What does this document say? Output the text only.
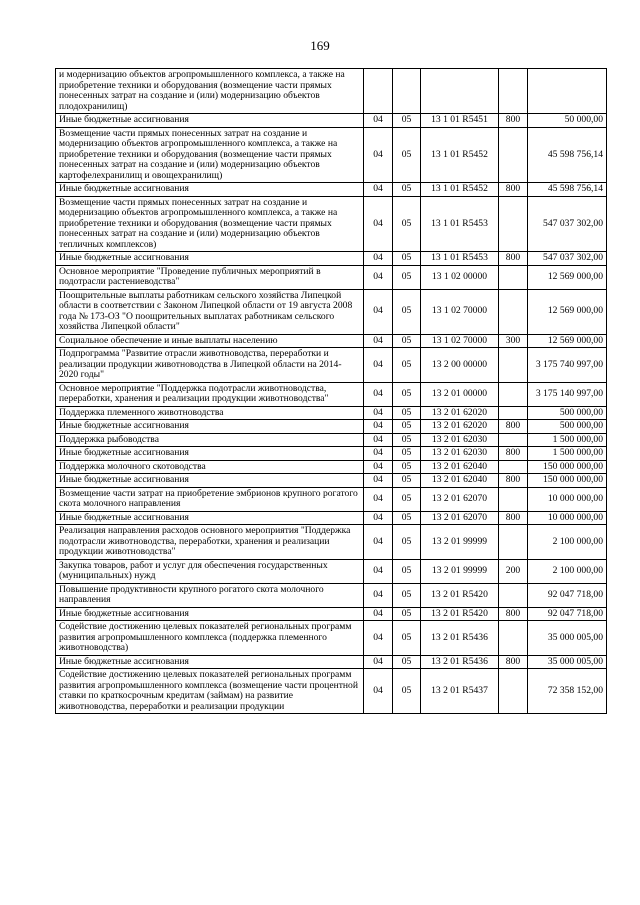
169
и модернизацию объектов агропромышленного комплекса, а также на приобретение техники и оборудования (возмещение части прямых понесенных затрат на создание и (или) модернизацию объектов плодохранилищ)					
Иные бюджетные ассигнования	04	05	13 1 01 R5451	800	50 000,00
Возмещение части прямых понесенных затрат на создание и модернизацию объектов агропромышленного комплекса, а также на приобретение техники и оборудования (возмещение части прямых понесенных затрат на создание и (или) модернизацию объектов картофелехранилищ и овощехранилищ)	04	05	13 1 01 R5452		45 598 756,14
Иные бюджетные ассигнования	04	05	13 1 01 R5452	800	45 598 756,14
Возмещение части прямых понесенных затрат на создание и модернизацию объектов агропромышленного комплекса, а также на приобретение техники и оборудования (возмещение части прямых понесенных затрат на создание и (или) модернизацию объектов тепличных комплексов)	04	05	13 1 01 R5453		547 037 302,00
Иные бюджетные ассигнования	04	05	13 1 01 R5453	800	547 037 302,00
Основное мероприятие "Проведение публичных мероприятий в подотрасли растениеводства"	04	05	13 1 02 00000		12 569 000,00
Поощрительные выплаты работникам сельского хозяйства Липецкой области в соответствии с Законом Липецкой области от 19 августа 2008 года № 173-ОЗ "О поощрительных выплатах работникам сельского хозяйства Липецкой области"	04	05	13 1 02 70000		12 569 000,00
Социальное обеспечение и иные выплаты населению	04	05	13 1 02 70000	300	12 569 000,00
Подпрограмма "Развитие отрасли животноводства, переработки и реализации продукции животноводства в Липецкой области на 2014-2020 годы"	04	05	13 2 00 00000		3 175 740 997,00
Основное мероприятие "Поддержка подотрасли животноводства, переработки, хранения и реализации продукции животноводства"	04	05	13 2 01 00000		3 175 140 997,00
Поддержка племенного животноводства	04	05	13 2 01 62020		500 000,00
Иные бюджетные ассигнования	04	05	13 2 01 62020	800	500 000,00
Поддержка рыбоводства	04	05	13 2 01 62030		1 500 000,00
Иные бюджетные ассигнования	04	05	13 2 01 62030	800	1 500 000,00
Поддержка молочного скотоводства	04	05	13 2 01 62040		150 000 000,00
Иные бюджетные ассигнования	04	05	13 2 01 62040	800	150 000 000,00
Возмещение части затрат на приобретение эмбрионов крупного рогатого скота молочного направления	04	05	13 2 01 62070		10 000 000,00
Иные бюджетные ассигнования	04	05	13 2 01 62070	800	10 000 000,00
Реализация направления расходов основного мероприятия "Поддержка подотрасли животноводства, переработки, хранения и реализации продукции животноводства"	04	05	13 2 01 99999		2 100 000,00
Закупка товаров, работ и услуг для обеспечения государственных (муниципальных) нужд	04	05	13 2 01 99999	200	2 100 000,00
Повышение продуктивности крупного рогатого скота молочного направления	04	05	13 2 01 R5420		92 047 718,00
Иные бюджетные ассигнования	04	05	13 2 01 R5420	800	92 047 718,00
Содействие достижению целевых показателей региональных программ развития агропромышленного комплекса (поддержка племенного животноводства)	04	05	13 2 01 R5436		35 000 005,00
Иные бюджетные ассигнования	04	05	13 2 01 R5436	800	35 000 005,00
Содействие достижению целевых показателей региональных программ развития агропромышленного комплекса (возмещение части процентной ставки по краткосрочным кредитам (займам) на развитие животноводства, переработки и реализации продукции	04	05	13 2 01 R5437		72 358 152,00
